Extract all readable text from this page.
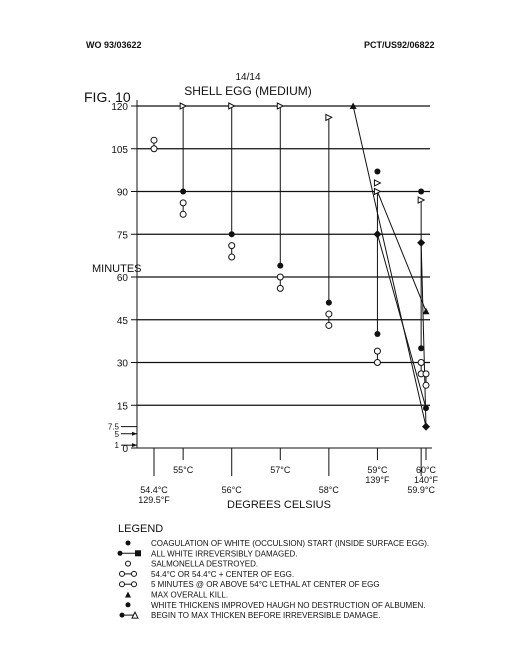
WO 93/03622	PCT/US92/06822
14/14
FIG. 10	SHELL EGG (MEDIUM)
MINUTES
DEGREES CELSIUS
LEGEND
120
105
90
75
60
45
30
15
7.5
5
1 0
54.4°C
129.5°F
55°C
56°C
57°C
58°C
59°C
139°F
59.9°C
60°C
140°F
COAGULATION OF WHITE (OCCULSION) START (INSIDE SURFACE EGG).
ALL WHITE IRREVERSIBLY DAMAGED.
SALMONELLA DESTROYED.
54.4°C OR 54.4°C + CENTER OF EGG.
5 MINUTES @ OR ABOVE 54°C LETHAL AT CENTER OF EGG
MAX OVERALL KILL.
WHITE THICKENS IMPROVED HAUGH NO DESTRUCTION OF ALBUMEN.
BEGIN TO MAX THICKEN BEFORE IRREVERSIBLE DAMAGE.
